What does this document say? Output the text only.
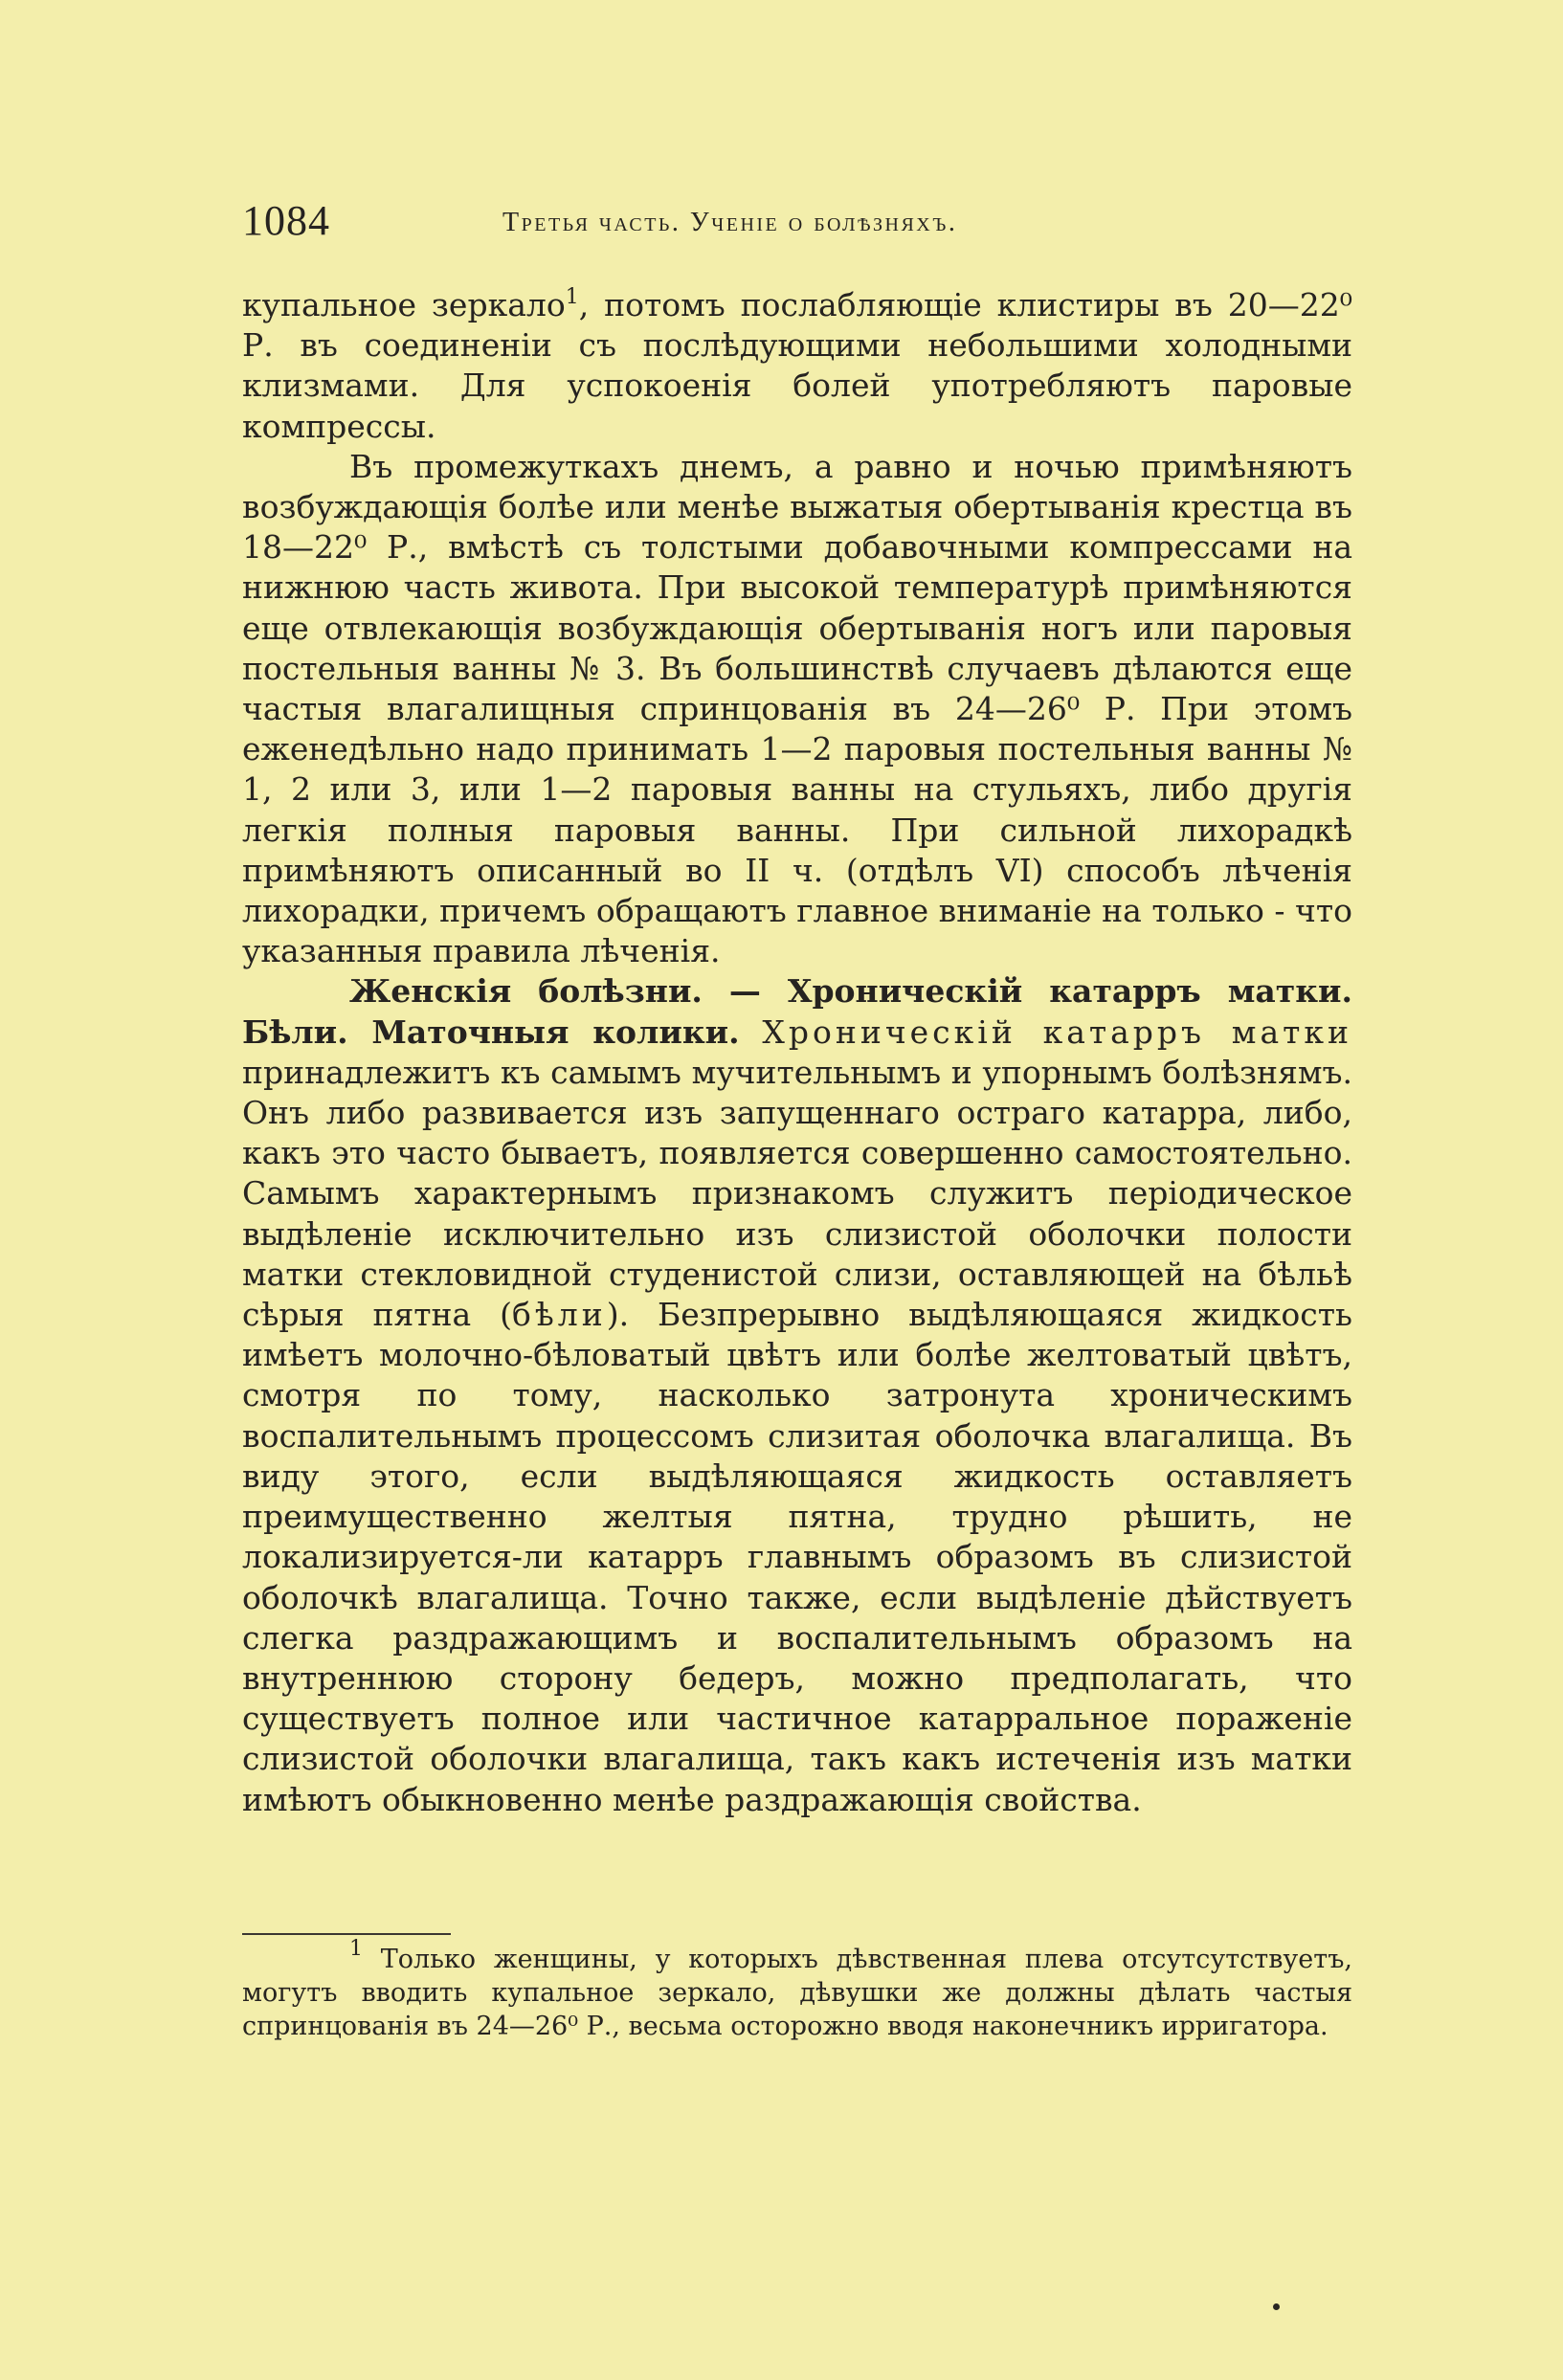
1084	Третья часть. Ученіе о болѣзняхъ.

купальное зеркало$^1$, потомъ послабляющіе клистиры въ 20—22⁰ Р. въ соединеніи съ послѣдующими небольшими холодными клизмами. Для успокоенія болей употребляютъ паровые компрессы.

Въ промежуткахъ днемъ, а равно и ночью примѣняютъ возбуждающія болѣе или менѣе выжатыя обертыванія крестца въ 18—22⁰ Р., вмѣстѣ съ толстыми добавочными компрессами на нижнюю часть живота. При высокой температурѣ примѣняются еще отвлекающія возбуждающія обертыванія ногъ или паровыя постельныя ванны № 3. Въ большинствѣ случаевъ дѣлаются еще частыя влагалищныя спринцованія въ 24—26⁰ Р. При этомъ еженедѣльно надо принимать 1—2 паровыя постельныя ванны № 1, 2 или 3, или 1—2 паровыя ванны на стульяхъ, либо другія легкія полныя паровыя ванны. При сильной лихорадкѣ примѣняютъ описанный во II ч. (отдѣлъ VI) способъ лѣченія лихорадки, причемъ обращаютъ главное вниманіе на только - что указанныя правила лѣченія.

Женскія болѣзни. — Хроническій катарръ матки. Бѣли. Маточныя колики. Хроническій катарръ матки принадлежитъ къ самымъ мучительнымъ и упорнымъ болѣзнямъ. Онъ либо развивается изъ запущеннаго остраго катарра, либо, какъ это часто бываетъ, появляется совершенно самостоятельно. Самымъ характернымъ признакомъ служитъ періодическое выдѣленіе исключительно изъ слизистой оболочки полости матки стекловидной студенистой слизи, оставляющей на бѣльѣ сѣрыя пятна (бѣли). Безпрерывно выдѣляющаяся жидкость имѣетъ молочно-бѣловатый цвѣтъ или болѣе желтоватый цвѣтъ, смотря по тому, насколько затронута хроническимъ воспалительнымъ процессомъ слизитая оболочка влагалища. Въ виду этого, если выдѣляющаяся жидкость оставляетъ преимущественно желтыя пятна, трудно рѣшить, не локализируется-ли катарръ главнымъ образомъ въ слизистой оболочкѣ влагалища. Точно также, если выдѣленіе дѣйствуетъ слегка раздражающимъ и воспалительнымъ образомъ на внутреннюю сторону бедеръ, можно предполагать, что существуетъ полное или частичное катарральное пораженіе слизистой оболочки влагалища, такъ какъ истеченія изъ матки имѣютъ обыкновенно менѣе раздражающія свойства.

$^1$ Только женщины, у которыхъ дѣвственная плева отсутсутствуетъ, могутъ вводить купальное зеркало, дѣвушки же должны дѣлать частыя спринцованія въ 24—26⁰ Р., весьма осторожно вводя наконечникъ ирригатора.
